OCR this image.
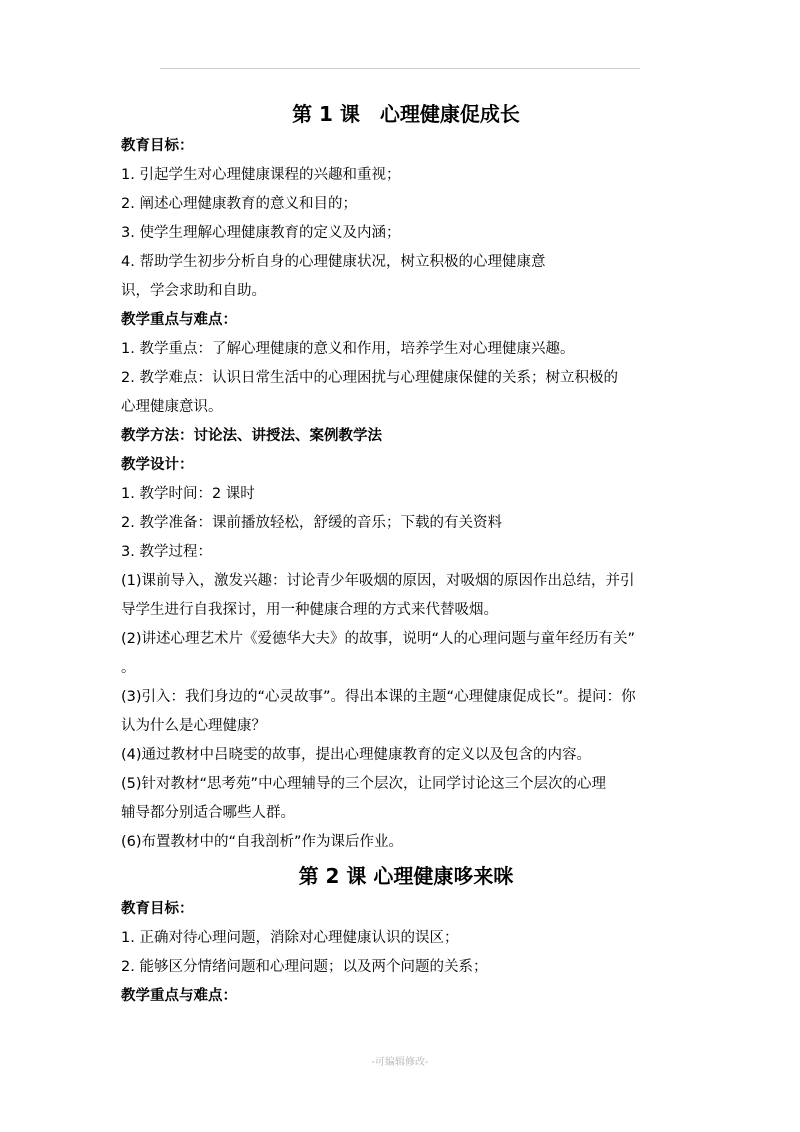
第 1 课　心理健康促成长
教育目标：
1. 引起学生对心理健康课程的兴趣和重视；
2. 阐述心理健康教育的意义和目的；
3. 使学生理解心理健康教育的定义及内涵；
4. 帮助学生初步分析自身的心理健康状况，树立积极的心理健康意
识，学会求助和自助。
教学重点与难点：
1. 教学重点：了解心理健康的意义和作用，培养学生对心理健康兴趣。
2. 教学难点：认识日常生活中的心理困扰与心理健康保健的关系；树立积极的
心理健康意识。
教学方法：讨论法、讲授法、案例教学法
教学设计：
1. 教学时间：2 课时
2. 教学准备：课前播放轻松，舒缓的音乐；下载的有关资料
3. 教学过程：
(1)课前导入，激发兴趣：讨论青少年吸烟的原因，对吸烟的原因作出总结，并引
导学生进行自我探讨，用一种健康合理的方式来代替吸烟。
(2)讲述心理艺术片《爱德华大夫》的故事，说明“人的心理问题与童年经历有关”
。
(3)引入：我们身边的“心灵故事”。得出本课的主题“心理健康促成长”。提问：你
认为什么是心理健康？
(4)通过教材中吕晓雯的故事，提出心理健康教育的定义以及包含的内容。
(5)针对教材“思考苑”中心理辅导的三个层次，让同学讨论这三个层次的心理
辅导都分别适合哪些人群。
(6)布置教材中的“自我剖析”作为课后作业。
第 2 课 心理健康哆来咪
教育目标：
1. 正确对待心理问题，消除对心理健康认识的误区；
2. 能够区分情绪问题和心理问题；以及两个问题的关系；
教学重点与难点：
-可编辑修改-
